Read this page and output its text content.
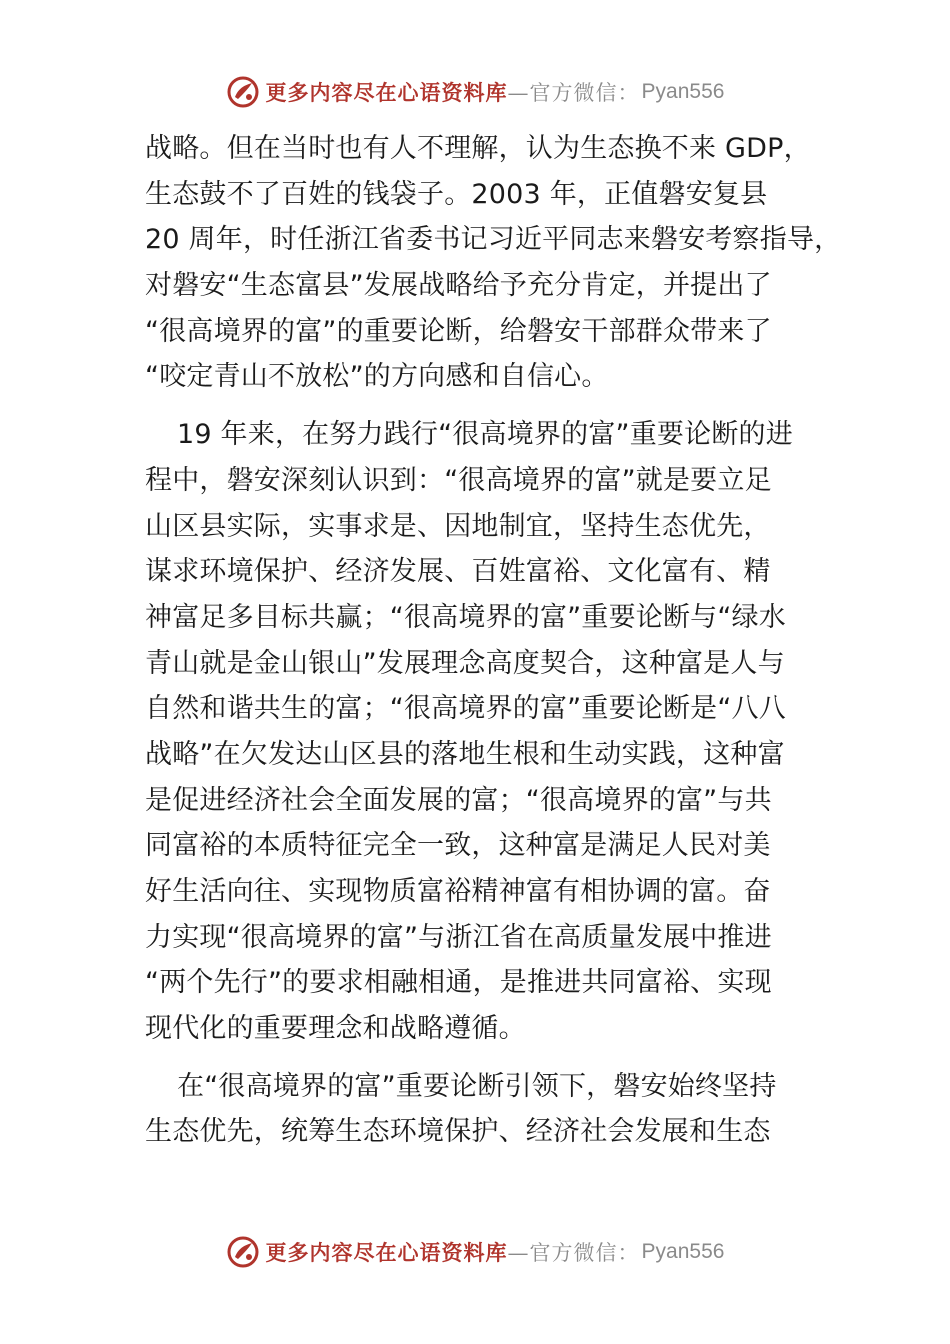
更多内容尽在心语资料库 —官方微信： Pyan556
战略。但在当时也有人不理解，认为生态换不来 GDP，
生态鼓不了百姓的钱袋子。2003 年，正值磐安复县
20 周年，时任浙江省委书记习近平同志来磐安考察指导，
对磐安“生态富县”发展战略给予充分肯定，并提出了
“很高境界的富”的重要论断，给磐安干部群众带来了
“咬定青山不放松”的方向感和自信心。
19 年来，在努力践行“很高境界的富”重要论断的进
程中，磐安深刻认识到：“很高境界的富”就是要立足
山区县实际，实事求是、因地制宜，坚持生态优先，
谋求环境保护、经济发展、百姓富裕、文化富有、精
神富足多目标共赢；“很高境界的富”重要论断与“绿水
青山就是金山银山”发展理念高度契合，这种富是人与
自然和谐共生的富；“很高境界的富”重要论断是“八八
战略”在欠发达山区县的落地生根和生动实践，这种富
是促进经济社会全面发展的富；“很高境界的富”与共
同富裕的本质特征完全一致，这种富是满足人民对美
好生活向往、实现物质富裕精神富有相协调的富。奋
力实现“很高境界的富”与浙江省在高质量发展中推进
“两个先行”的要求相融相通，是推进共同富裕、实现
现代化的重要理念和战略遵循。
在“很高境界的富”重要论断引领下，磐安始终坚持
生态优先，统筹生态环境保护、经济社会发展和生态
更多内容尽在心语资料库 —官方微信： Pyan556
